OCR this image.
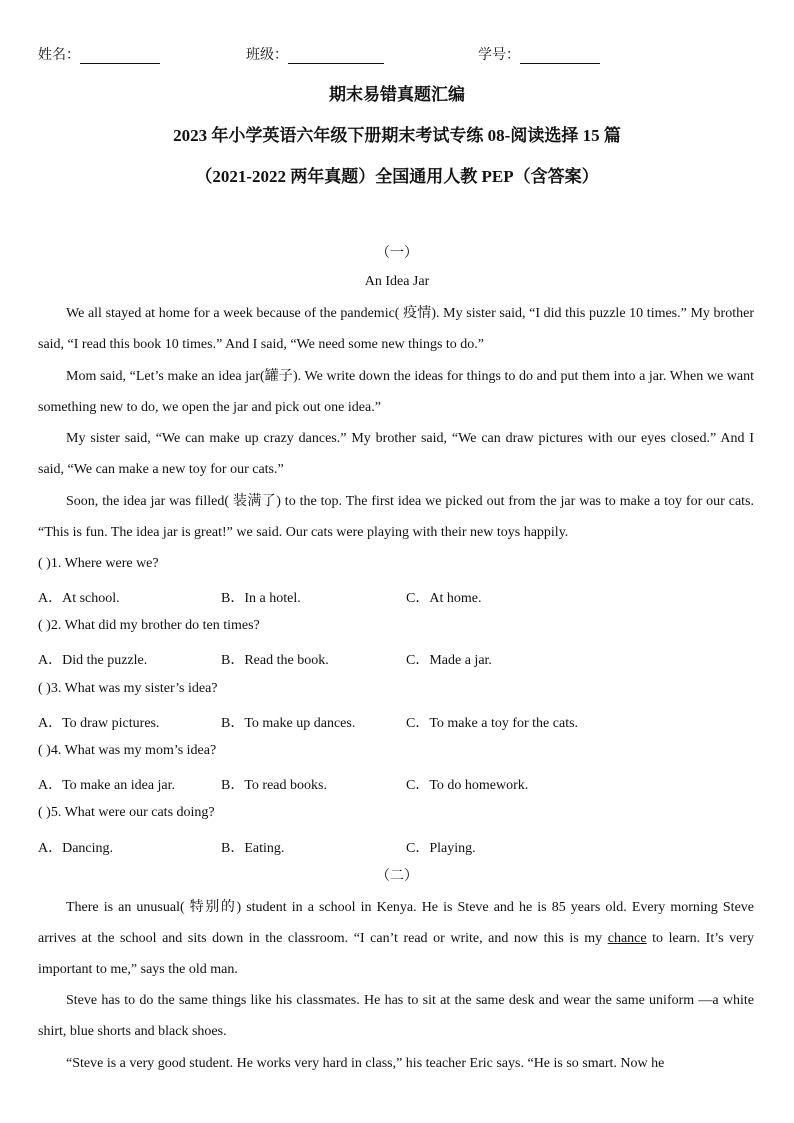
姓名：	班级：	学号：
期末易错真题汇编
2023 年小学英语六年级下册期末考试专练 08-阅读选择 15 篇
（2021-2022 两年真题）全国通用人教 PEP（含答案）
（一）
An Idea Jar
We all stayed at home for a week because of the pandemic( 疫情). My sister said, “I did this puzzle 10 times.” My brother said, “I read this book 10 times.” And I said, “We need some new things to do.”
Mom said, “Let’s make an idea jar(罐子). We write down the ideas for things to do and put them into a jar. When we want something new to do, we open the jar and pick out one idea.”
My sister said, “We can make up crazy dances.” My brother said, “We can draw pictures with our eyes closed.” And I said, “We can make a new toy for our cats.”
Soon, the idea jar was filled( 装满了) to the top. The first idea we picked out from the jar was to make a toy for our cats. “This is fun. The idea jar is great!” we said. Our cats were playing with their new toys happily.
( )1. Where were we?
A．At school.	B．In a hotel.	C．At home.
( )2. What did my brother do ten times?
A．Did the puzzle.	B．Read the book.	C．Made a jar.
( )3. What was my sister’s idea?
A．To draw pictures.	B．To make up dances.	C．To make a toy for the cats.
( )4. What was my mom’s idea?
A．To make an idea jar.	B．To read books.	C．To do homework.
( )5. What were our cats doing?
A．Dancing.	B．Eating.	C．Playing.
（二）
There is an unusual( 特别的) student in a school in Kenya. He is Steve and he is 85 years old. Every morning Steve arrives at the school and sits down in the classroom. “I can’t read or write, and now this is my chance to learn. It’s very important to me,” says the old man.
Steve has to do the same things like his classmates. He has to sit at the same desk and wear the same uniform —a white shirt, blue shorts and black shoes.
“Steve is a very good student. He works very hard in class,” his teacher Eric says. “He is so smart. Now he
